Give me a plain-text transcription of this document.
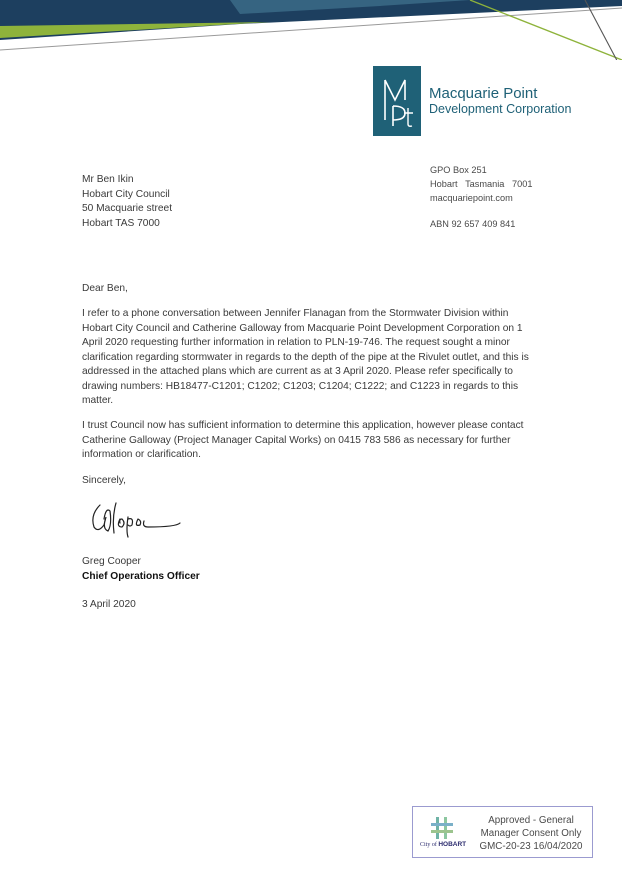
Macquarie Point
Development Corporation
Mr Ben Ikin
Hobart City Council
50 Macquarie street
Hobart TAS 7000
GPO Box 251
Hobart   Tasmania   7001
macquariepoint.com
ABN 92 657 409 841
Dear Ben,
I refer to a phone conversation between Jennifer Flanagan from the Stormwater Division within
Hobart City Council and Catherine Galloway from Macquarie Point Development Corporation on 1
April 2020 requesting further information in relation to PLN-19-746. The request sought a minor
clarification regarding stormwater in regards to the depth of the pipe at the Rivulet outlet, and this is
addressed in the attached plans which are current as at 3 April 2020. Please refer specifically to
drawing numbers: HB18477-C1201; C1202; C1203; C1204; C1222; and C1223 in regards to this
matter.
I trust Council now has sufficient information to determine this application, however please contact
Catherine Galloway (Project Manager Capital Works) on 0415 783 586 as necessary for further
information or clarification.
Sincerely,
Greg Cooper
Chief Operations Officer
3 April 2020
City of HOBART
Approved - General
Manager Consent Only
GMC-20-23 16/04/2020
